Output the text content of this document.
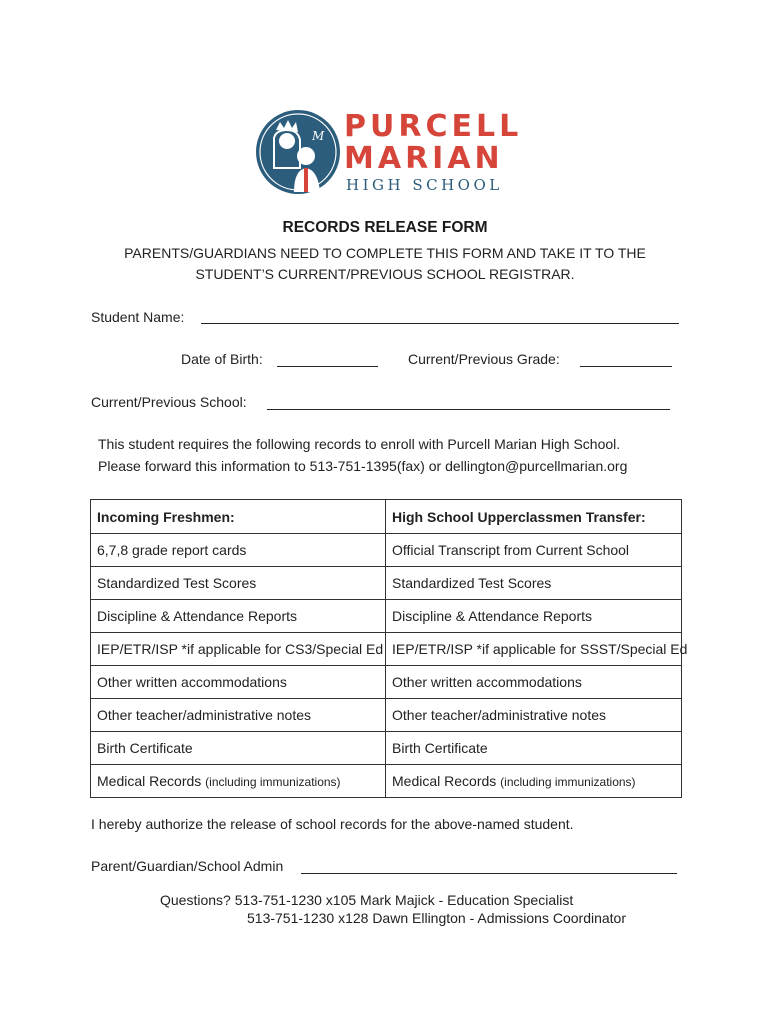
M PURCELL
MARIAN
HIGH SCHOOL
RECORDS RELEASE FORM
PARENTS/GUARDIANS NEED TO COMPLETE THIS FORM AND TAKE IT TO THE
STUDENT’S CURRENT/PREVIOUS SCHOOL REGISTRAR.
Student Name:
Date of Birth:	Current/Previous Grade:
Current/Previous School:
This student requires the following records to enroll with Purcell Marian High School.
Please forward this information to 513-751-1395(fax) or dellington@purcellmarian.org
Incoming Freshmen:	High School Upperclassmen Transfer:
6,7,8 grade report cards	Official Transcript from Current School
Standardized Test Scores	Standardized Test Scores
Discipline & Attendance Reports	Discipline & Attendance Reports
IEP/ETR/ISP *if applicable for CS3/Special Ed	IEP/ETR/ISP *if applicable for SSST/Special Ed
Other written accommodations	Other written accommodations
Other teacher/administrative notes	Other teacher/administrative notes
Birth Certificate	Birth Certificate
Medical Records (including immunizations)	Medical Records (including immunizations)
I hereby authorize the release of school records for the above-named student.
Parent/Guardian/School Admin
Questions? 513-751-1230 x105 Mark Majick - Education Specialist
513-751-1230 x128 Dawn Ellington - Admissions Coordinator
